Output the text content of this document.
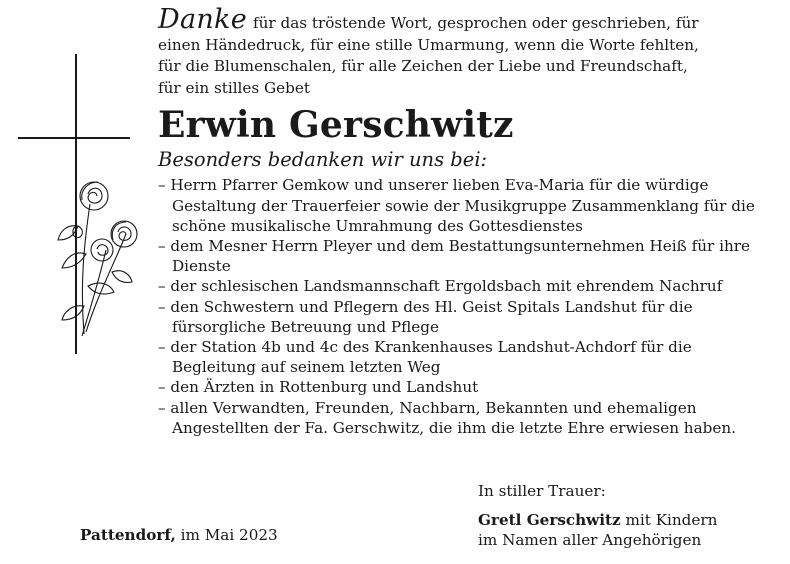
Danke für das tröstende Wort, gesprochen oder geschrieben, für
einen Händedruck, für eine stille Umarmung, wenn die Worte fehlten,
für die Blumenschalen, für alle Zeichen der Liebe und Freundschaft,
für ein stilles Gebet

Erwin Gerschwitz
Besonders bedanken wir uns bei:
– Herrn Pfarrer Gemkow und unserer lieben Eva-Maria für die würdige Gestaltung der Trauerfeier sowie der Musikgruppe Zusammenklang für die schöne musikalische Umrahmung des Gottesdienstes
– dem Mesner Herrn Pleyer und dem Bestattungsunternehmen Heiß für ihre Dienste
– der schlesischen Landsmannschaft Ergoldsbach mit ehrendem Nachruf
– den Schwestern und Pflegern des Hl. Geist Spitals Landshut für die fürsorgliche Betreuung und Pflege
– der Station 4b und 4c des Krankenhauses Landshut-Achdorf für die Begleitung auf seinem letzten Weg
– den Ärzten in Rottenburg und Landshut
– allen Verwandten, Freunden, Nachbarn, Bekannten und ehemaligen Angestellten der Fa. Gerschwitz, die ihm die letzte Ehre erwiesen haben.
Pattendorf, im Mai 2023
In stiller Trauer:
Gretl Gerschwitz mit Kindern
im Namen aller Angehörigen
